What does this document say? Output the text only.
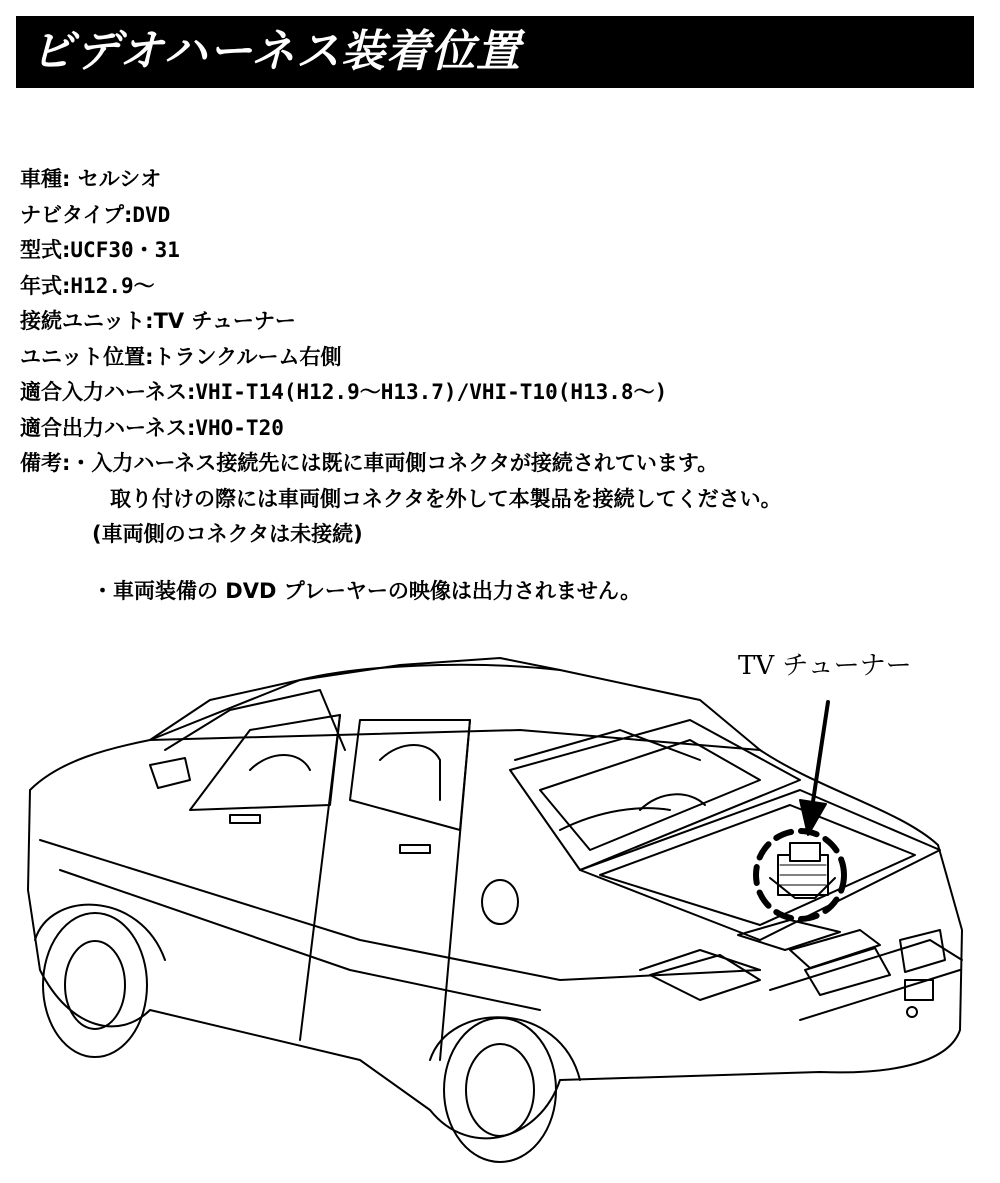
ビデオハーネス装着位置
車種: セルシオ
ナビタイプ:DVD
型式:UCF30・31
年式:H12.9～
接続ユニット:TV チューナー
ユニット位置:トランクルーム右側
適合入力ハーネス:VHI-T14(H12.9～H13.7)/VHI-T10(H13.8～)
適合出力ハーネス:VHO-T20
備考:・入力ハーネス接続先には既に車両側コネクタが接続されています。
取り付けの際には車両側コネクタを外して本製品を接続してください。
(車両側のコネクタは未接続)
・車両装備の DVD プレーヤーの映像は出力されません。
TV チューナー
